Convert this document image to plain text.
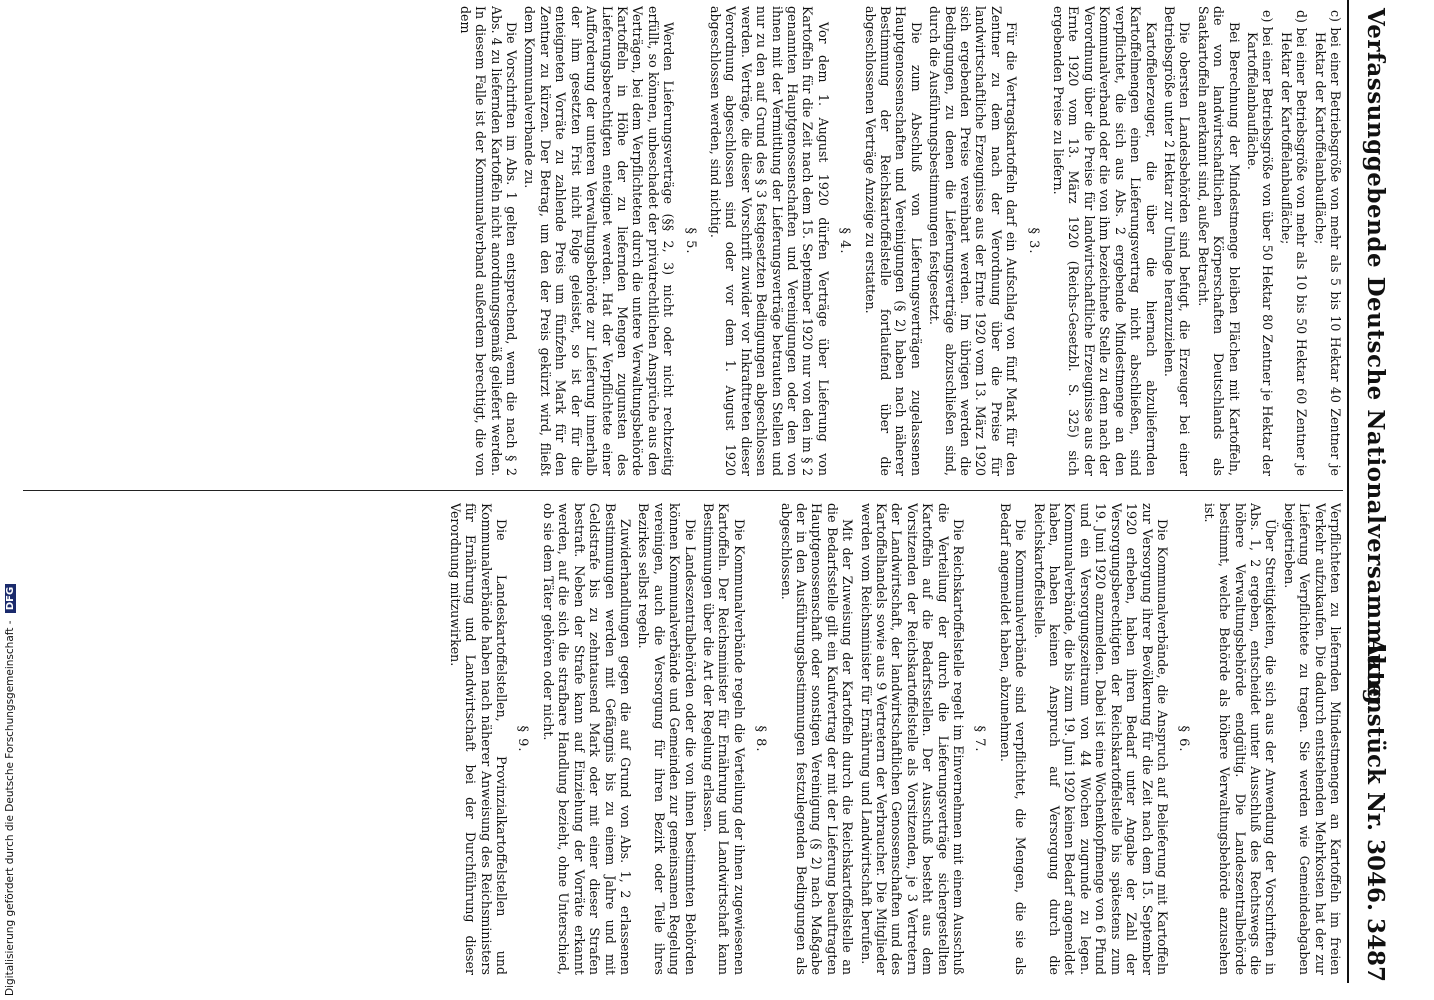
Verfassunggebende Deutsche Nationalversammlung.
Aktenstück Nr. 3046.
3487

c) bei einer Betriebsgröße von mehr als 5 bis 10 Hektar 40 Zentner je Hektar der Kartoffelanbaufläche;

d) bei einer Betriebsgröße von mehr als 10 bis 50 Hektar 60 Zentner je Hektar der Kartoffelanbaufläche;

e) bei einer Betriebsgröße von über 50 Hektar 80 Zentner je Hektar der Kartoffelanbaufläche.

Bei Berechnung der Mindestmenge bleiben Flächen mit Kartoffeln, die von landwirtschaftlichen Körperschaften Deutschlands als Saatkartoffeln anerkannt sind, außer Betracht.

Die obersten Landesbehörden sind befugt, die Erzeuger bei einer Betriebsgröße unter 2 Hektar zur Umlage heranzuziehen.

Kartoffelerzeuger, die über die hiernach abzuliefernden Kartoffelmengen einen Lieferungsvertrag nicht abschließen, sind verpflichtet, die sich aus Abs. 2 ergebende Mindestmenge an den Kommunalverband oder die von ihm bezeichnete Stelle zu dem nach der Verordnung über die Preise für landwirtschaftliche Erzeugnisse aus der Ernte 1920 vom 13. März 1920 (Reichs-Gesetzbl. S. 325) sich ergebenden Preise zu liefern.

§ 3.

Für die Vertragskartoffeln darf ein Aufschlag von fünf Mark für den Zentner zu dem nach der Verordnung über die Preise für landwirtschaftliche Erzeugnisse aus der Ernte 1920 vom 13. März 1920 sich ergebenden Preise vereinbart werden. Im übrigen werden die Bedingungen, zu denen die Lieferungsverträge abzuschließen sind, durch die Ausführungsbestimmungen festgesetzt.

Die zum Abschluß von Lieferungsverträgen zugelassenen Hauptgenossenschaften und Vereinigungen (§ 2) haben nach näherer Bestimmung der Reichskartoffelstelle fortlaufend über die abgeschlossenen Verträge Anzeige zu erstatten.

§ 4.

Vor dem 1. August 1920 dürfen Verträge über Lieferung von Kartoffeln für die Zeit nach dem 15. September 1920 nur von den im § 2 genannten Hauptgenossenschaften und Vereinigungen oder den von ihnen mit der Vermittlung der Lieferungsverträge betrauten Stellen und nur zu den auf Grund des § 3 festgesetzten Bedingungen abgeschlossen werden. Verträge, die dieser Vorschrift zuwider vor Inkrafttreten dieser Verordnung abgeschlossen sind oder vor dem 1. August 1920 abgeschlossen werden, sind nichtig.

§ 5.

Werden Lieferungsverträge (§§ 2, 3) nicht oder nicht rechtzeitig erfüllt, so können, unbeschadet der privatrechtlichen Ansprüche aus den Verträgen, bei dem Verpflichteten durch die untere Verwaltungsbehörde Kartoffeln in Höhe der zu liefernden Mengen zugunsten des Lieferungsberechtigten enteignet werden. Hat der Verpflichtete einer Aufforderung der unteren Verwaltungsbehörde zur Lieferung innerhalb der ihm gesetzten Frist nicht Folge geleistet, so ist der für die enteigneten Vorräte zu zahlende Preis um fünfzehn Mark für den Zentner zu kürzen. Der Betrag, um den der Preis gekürzt wird, fließt dem Kommunalverbande zu.

Die Vorschriften im Abs. 1 gelten entsprechend, wenn die nach § 2 Abs. 4 zu liefernden Kartoffeln nicht anordnungsgemäß geliefert werden. In diesem Falle ist der Kommunalverband außerdem berechtigt, die von dem

Verpflichteten zu liefernden Mindestmengen an Kartoffeln im freien Verkehr aufzukaufen. Die dadurch entstehenden Mehrkosten hat der zur Lieferung Verpflichtete zu tragen. Sie werden wie Gemeindeabgaben beigetrieben.

Über Streitigkeiten, die sich aus der Anwendung der Vorschriften in Abs. 1, 2 ergeben, entscheidet unter Ausschluß des Rechtswegs die höhere Verwaltungsbehörde endgültig. Die Landeszentralbehörde bestimmt, welche Behörde als höhere Verwaltungsbehörde anzusehen ist.

§ 6.

Die Kommunalverbände, die Anspruch auf Belieferung mit Kartoffeln zur Versorgung ihrer Bevölkerung für die Zeit nach dem 15. September 1920 erheben, haben ihren Bedarf unter Angabe der Zahl der Versorgungsberechtigten der Reichskartoffelstelle bis spätestens zum 19. Juni 1920 anzumelden. Dabei ist eine Wochenkopfmenge von 6 Pfund und ein Versorgungszeitraum von 44 Wochen zugrunde zu legen. Kommunalverbände, die bis zum 19. Juni 1920 keinen Bedarf angemeldet haben, haben keinen Anspruch auf Versorgung durch die Reichskartoffelstelle.

Die Kommunalverbände sind verpflichtet, die Mengen, die sie als Bedarf angemeldet haben, abzunehmen.

§ 7.

Die Reichskartoffelstelle regelt im Einvernehmen mit einem Ausschuß die Verteilung der durch die Lieferungsverträge sichergestellten Kartoffeln auf die Bedarfsstellen. Der Ausschuß besteht aus dem Vorsitzenden der Reichskartoffelstelle als Vorsitzenden, je 3 Vertretern der Landwirtschaft, der landwirtschaftlichen Genossenschaften und des Kartoffelhandels sowie aus 9 Vertretern der Verbraucher. Die Mitglieder werden vom Reichsminister für Ernährung und Landwirtschaft berufen.

Mit der Zuweisung der Kartoffeln durch die Reichskartoffelstelle an die Bedarfsstelle gilt ein Kaufvertrag der mit der Lieferung beauftragten Hauptgenossenschaft oder sonstigen Vereinigung (§ 2) nach Maßgabe der in den Ausführungsbestimmungen festzulegenden Bedingungen als abgeschlossen.

§ 8.

Die Kommunalverbände regeln die Verteilung der ihnen zugewiesenen Kartoffeln. Der Reichsminister für Ernährung und Landwirtschaft kann Bestimmungen über die Art der Regelung erlassen.

Die Landeszentralbehörden oder die von ihnen bestimmten Behörden können Kommunalverbände und Gemeinden zur gemeinsamen Regelung vereinigen, auch die Versorgung für ihren Bezirk oder Teile ihres Bezirkes selbst regeln.

Zuwiderhandlungen gegen die auf Grund von Abs. 1, 2 erlassenen Bestimmungen werden mit Gefängnis bis zu einem Jahre und mit Geldstrafe bis zu zehntausend Mark oder mit einer dieser Strafen bestraft. Neben der Strafe kann auf Einziehung der Vorräte erkannt werden, auf die sich die strafbare Handlung bezieht, ohne Unterschied, ob sie dem Täter gehören oder nicht.

§ 9.

Die Landeskartoffelstellen, Provinzialkartoffelstellen und Kommunalverbände haben nach näherer Anweisung des Reichsministers für Ernährung und Landwirtschaft bei der Durchführung dieser Verordnung mitzuwirken.

Digitalisierung gefördert durch die Deutsche Forschungsgemeinschaft - DFG
